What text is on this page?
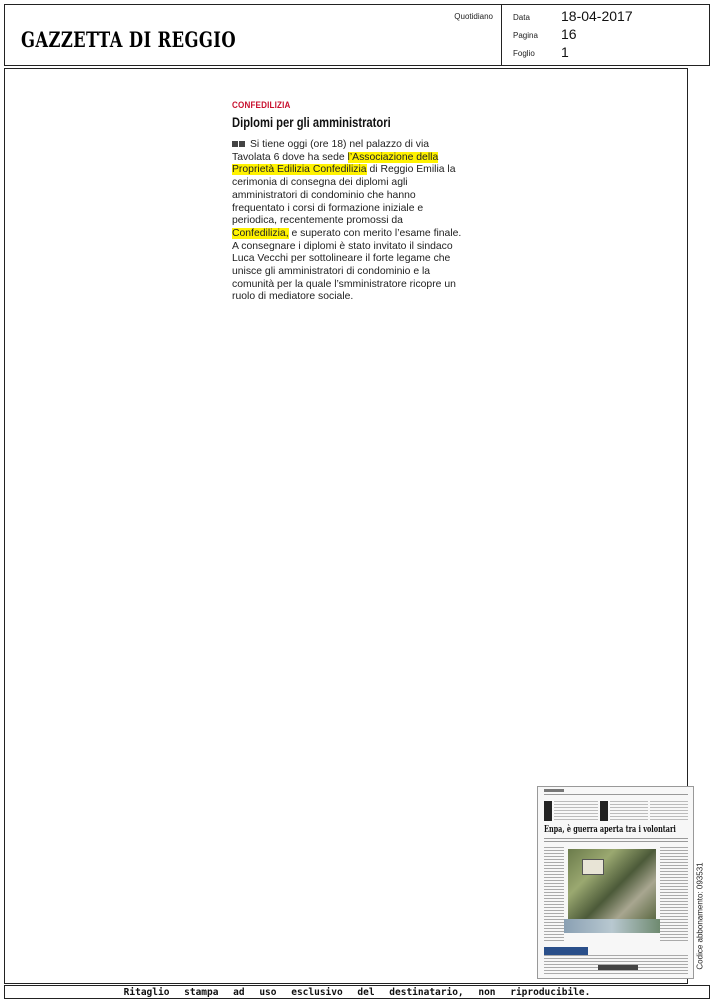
GAZZETTA DI REGGIO
Quotidiano	Data 18-04-2017
Pagina 16
Foglio 1
CONFEDILIZIA
Diplomi per gli amministratori

Si tiene oggi (ore 18) nel palazzo di via

Tavolata 6 dove ha sede l’Associazione della

Proprietà Edilizia Confedilizia di Reggio Emilia la

cerimonia di consegna dei diplomi agli

amministratori di condominio che hanno

frequentato i corsi di formazione iniziale e

periodica, recentemente promossi da

Confedilizia, e superato con merito l’esame finale.

A consegnare i diplomi è stato invitato il sindaco

Luca Vecchi per sottolineare il forte legame che

unisce gli amministratori di condominio e la

comunità per la quale l’smministratore ricopre un

ruolo di mediatore sociale.

Enpa, è guerra aperta tra i volontari
Codice abbonamento: 093531
Ritaglio stampa ad uso esclusivo del destinatario, non riproducibile.
